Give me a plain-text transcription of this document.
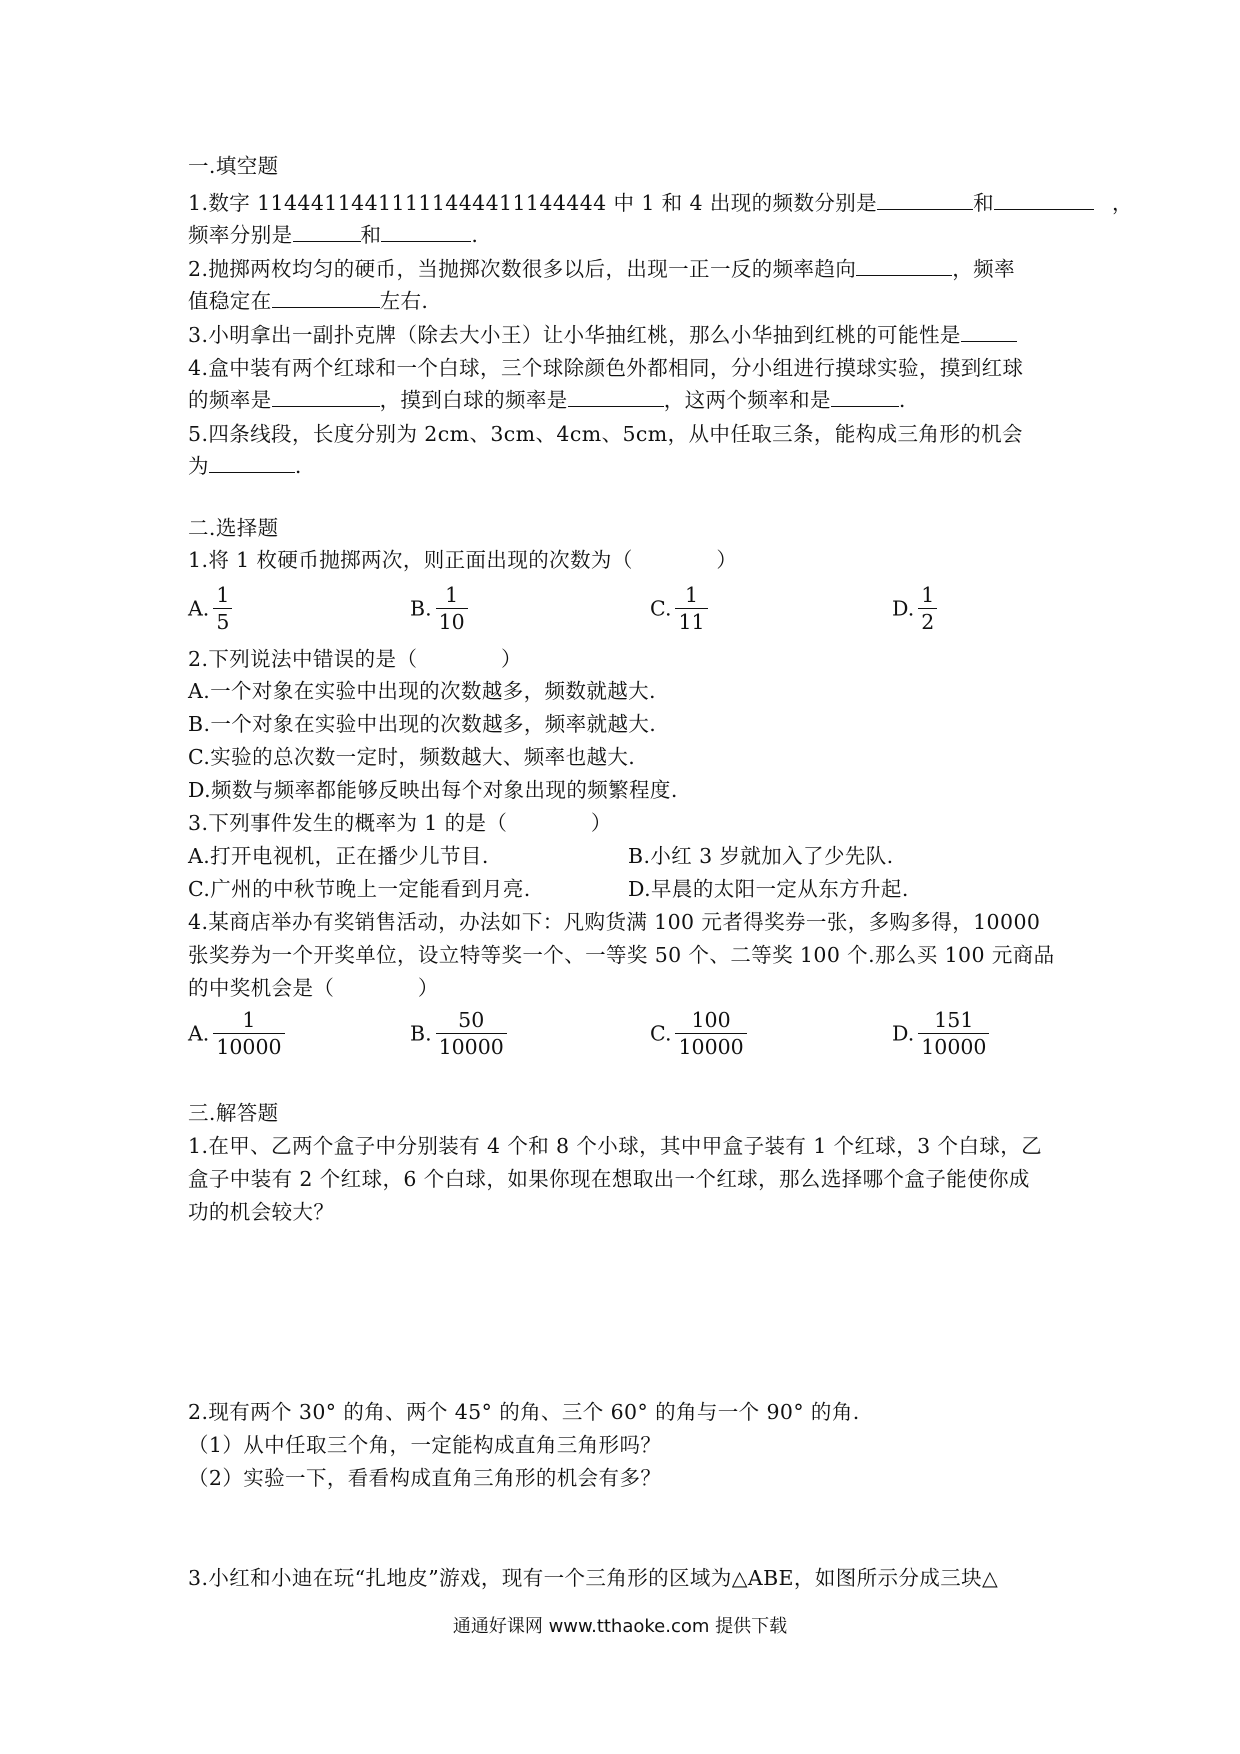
一.填空题
1.数字 11444114411111444411144444 中 1 和 4 出现的频数分别是	和	，
频率分别是	和	.
2.抛掷两枚均匀的硬币，当抛掷次数很多以后，出现一正一反的频率趋向	，频率
值稳定在	左右.
3.小明拿出一副扑克牌（除去大小王）让小华抽红桃，那么小华抽到红桃的可能性是
4.盒中装有两个红球和一个白球，三个球除颜色外都相同，分小组进行摸球实验，摸到红球
的频率是	，摸到白球的频率是	，这两个频率和是	.
5.四条线段，长度分别为 2cm、3cm、4cm、5cm，从中任取三条，能构成三角形的机会
为	.
二.选择题
1.将 1 枚硬币抛掷两次，则正面出现的次数为（　　　　）
A. $\frac{1}{5}$	B. $\frac{1}{10}$	C. $\frac{1}{11}$	D. $\frac{1}{2}$
2.下列说法中错误的是（　　　　）
A.一个对象在实验中出现的次数越多，频数就越大.
B.一个对象在实验中出现的次数越多，频率就越大.
C.实验的总次数一定时，频数越大、频率也越大.
D.频数与频率都能够反映出每个对象出现的频繁程度.
3.下列事件发生的概率为 1 的是（　　　　）
A.打开电视机，正在播少儿节目.	B.小红 3 岁就加入了少先队.
C.广州的中秋节晚上一定能看到月亮.	D.早晨的太阳一定从东方升起.
4.某商店举办有奖销售活动，办法如下：凡购货满 100 元者得奖券一张，多购多得，10000
张奖券为一个开奖单位，设立特等奖一个、一等奖 50 个、二等奖 100 个.那么买 100 元商品
的中奖机会是（　　　　）
A. $\frac{1}{10000}$	B. $\frac{50}{10000}$	C. $\frac{100}{10000}$	D. $\frac{151}{10000}$
三.解答题
1.在甲、乙两个盒子中分别装有 4 个和 8 个小球，其中甲盒子装有 1 个红球，3 个白球，乙
盒子中装有 2 个红球，6 个白球，如果你现在想取出一个红球，那么选择哪个盒子能使你成
功的机会较大？
2.现有两个 30° 的角、两个 45° 的角、三个 60° 的角与一个 90° 的角.
（1）从中任取三个角，一定能构成直角三角形吗？
（2）实验一下，看看构成直角三角形的机会有多？
3.小红和小迪在玩“扎地皮”游戏，现有一个三角形的区域为△ABE，如图所示分成三块△
通通好课网 www.tthaoke.com 提供下载
